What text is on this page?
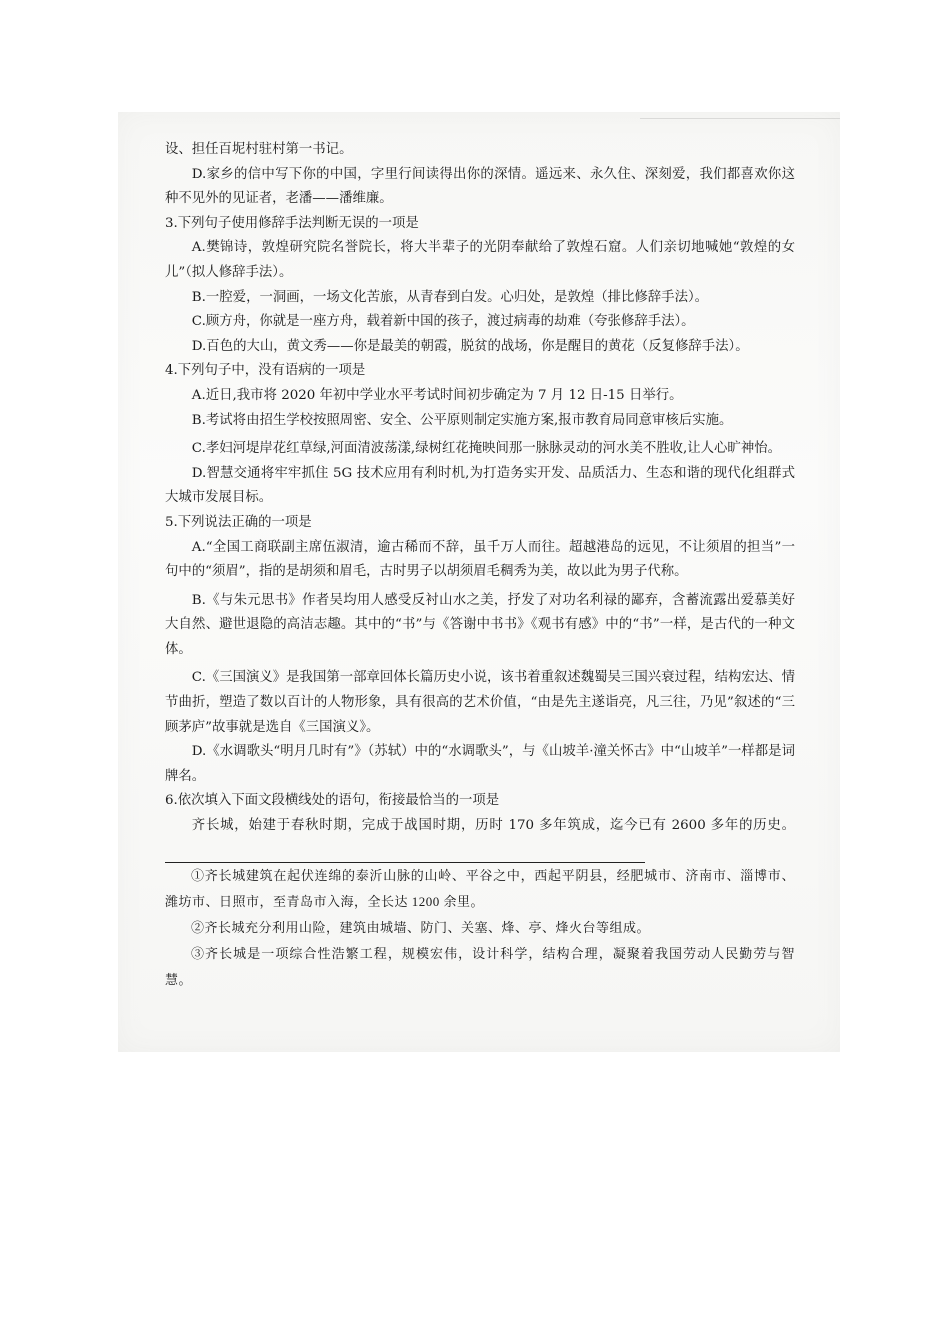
设、担任百坭村驻村第一书记。
D.家乡的信中写下你的中国，字里行间读得出你的深情。遥远来、永久住、深刻爱，我们都喜欢你这种不见外的见证者，老潘——潘维廉。
3.下列句子使用修辞手法判断无误的一项是
A.樊锦诗，敦煌研究院名誉院长，将大半辈子的光阴奉献给了敦煌石窟。人们亲切地喊她“敦煌的女儿”（拟人修辞手法）。
B.一腔爱，一洞画，一场文化苦旅，从青春到白发。心归处，是敦煌（排比修辞手法）。
C.顾方舟，你就是一座方舟，载着新中国的孩子，渡过病毒的劫难（夸张修辞手法）。
D.百色的大山，黄文秀——你是最美的朝霞，脱贫的战场，你是醒目的黄花（反复修辞手法）。
4.下列句子中，没有语病的一项是
A.近日,我市将 2020 年初中学业水平考试时间初步确定为 7 月 12 日-15 日举行。
B.考试将由招生学校按照周密、安全、公平原则制定实施方案,报市教育局同意审核后实施。
C.孝妇河堤岸花红草绿,河面清波荡漾,绿树红花掩映间那一脉脉灵动的河水美不胜收,让人心旷神怡。
D.智慧交通将牢牢抓住 5G 技术应用有利时机,为打造务实开发、品质活力、生态和谐的现代化组群式大城市发展目标。
5.下列说法正确的一项是
A.“全国工商联副主席伍淑清，逾古稀而不辞，虽千万人而往。超越港岛的远见，不让须眉的担当”一句中的“须眉”，指的是胡须和眉毛，古时男子以胡须眉毛稠秀为美，故以此为男子代称。
B.《与朱元思书》作者吴均用人感受反衬山水之美，抒发了对功名利禄的鄙弃，含蓄流露出爱慕美好大自然、避世退隐的高洁志趣。其中的“书”与《答谢中书书》《观书有感》中的“书”一样，是古代的一种文体。
C.《三国演义》是我国第一部章回体长篇历史小说，该书着重叙述魏蜀吴三国兴衰过程，结构宏达、情节曲折，塑造了数以百计的人物形象，具有很高的艺术价值，“由是先主遂诣亮，凡三往，乃见”叙述的“三顾茅庐”故事就是选自《三国演义》。
D.《水调歌头“明月几时有”》（苏轼）中的“水调歌头”，与《山坡羊·潼关怀古》中“山坡羊”一样都是词牌名。
6.依次填入下面文段横线处的语句，衔接最恰当的一项是
齐长城，始建于春秋时期，完成于战国时期，历时 170 多年筑成，迄今已有 2600 多年的历史。
①齐长城建筑在起伏连绵的泰沂山脉的山岭、平谷之中，西起平阴县，经肥城市、济南市、淄博市、潍坊市、日照市，至青岛市入海，全长达 1200 余里。
②齐长城充分利用山险，建筑由城墙、防门、关塞、烽、亭、烽火台等组成。
③齐长城是一项综合性浩繁工程，规模宏伟，设计科学，结构合理，凝聚着我国劳动人民勤劳与智慧。
